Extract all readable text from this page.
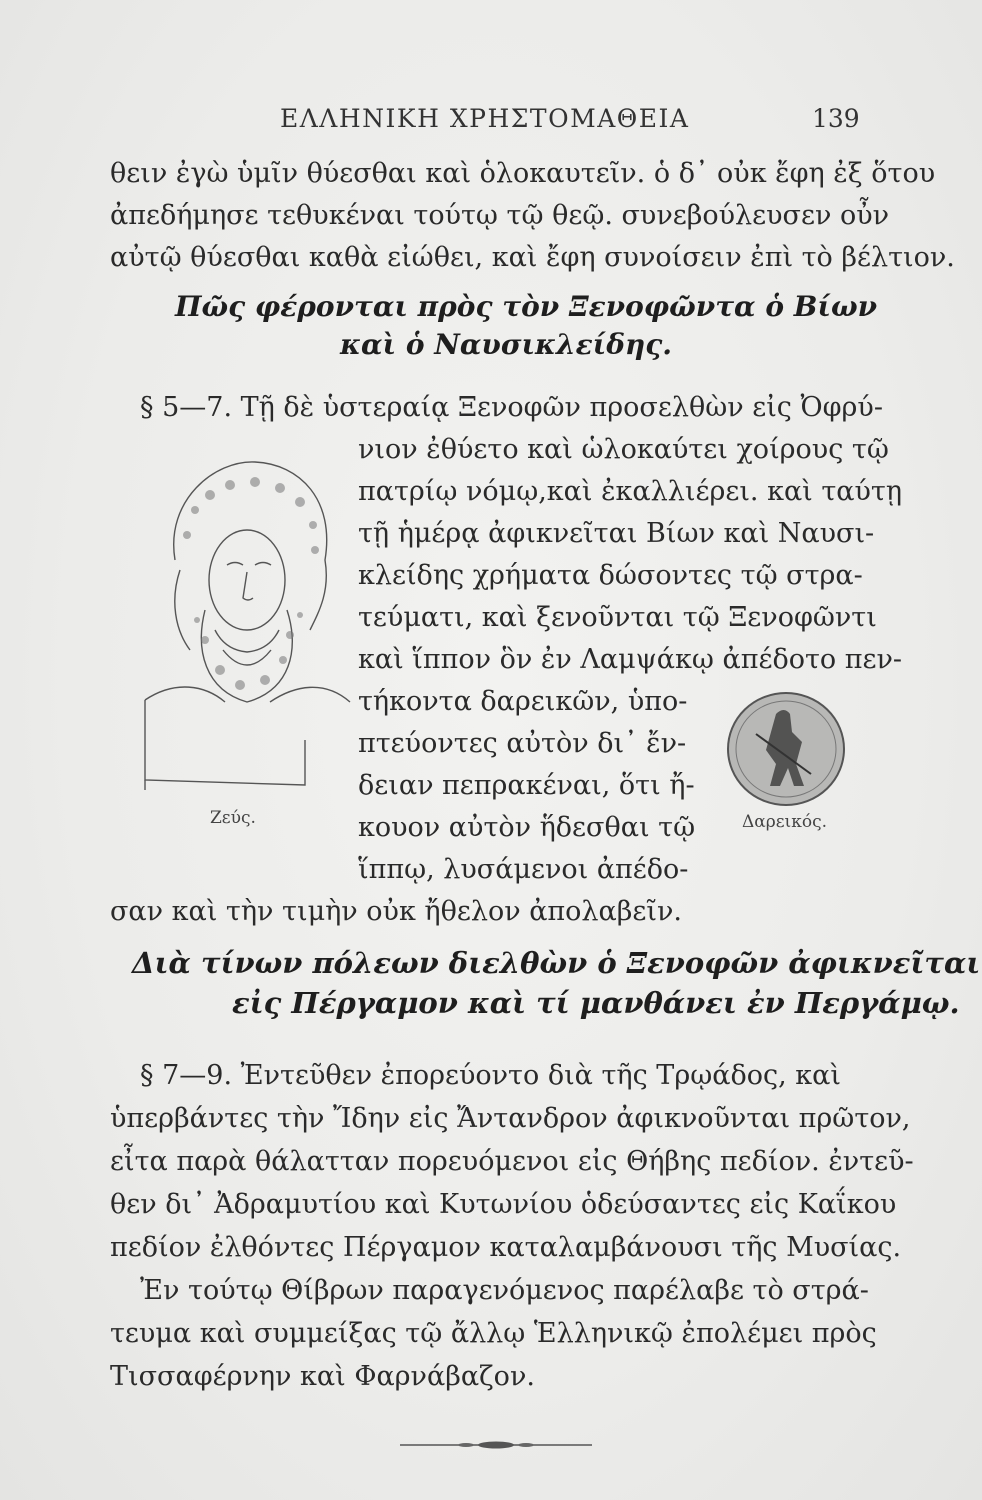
ΕΛΛΗΝΙΚΗ ΧΡΗΣΤΟΜΑΘΕΙΑ	139
θειν ἐγὼ ὑμῖν θύεσθαι καὶ ὁλοκαυτεῖν. ὁ δ᾿ οὐκ ἔφη ἐξ ὅτου
ἀπεδήμησε τεθυκέναι τούτῳ τῷ θεῷ. συνεβούλευσεν οὖν
αὐτῷ θύεσθαι καθὰ εἰώθει, καὶ ἔφη συνοίσειν ἐπὶ τὸ βέλτιον.
Πῶς φέρονται πρὸς τὸν Ξενοφῶντα ὁ Βίων
καὶ ὁ Ναυσικλείδης.
§ 5—7. Τῇ δὲ ὑστεραίᾳ Ξενοφῶν προσελθὼν εἰς Ὀφρύ-
νιον ἐθύετο καὶ ὡλοκαύτει χοίρους τῷ
πατρίῳ νόμῳ,καὶ ἐκαλλιέρει. καὶ ταύτῃ
τῇ ἡμέρᾳ ἀφικνεῖται Βίων καὶ Ναυσι-
κλείδης χρήματα δώσοντες τῷ στρα-
τεύματι, καὶ ξενοῦνται τῷ Ξενοφῶντι
καὶ ἵππον ὃν ἐν Λαμψάκῳ ἀπέδοτο πεν-
τήκοντα δαρεικῶν, ὑπο-
πτεύοντες αὐτὸν δι᾿ ἔν-
δειαν πεπρακέναι, ὅτι ἤ-
κουον αὐτὸν ἥδεσθαι τῷ
ἵππῳ, λυσάμενοι ἀπέδο-
σαν καὶ τὴν τιμὴν οὐκ ἤθελον ἀπολαβεῖν.
Ζεύς.	Δαρεικός.
Διὰ τίνων πόλεων διελθὼν ὁ Ξενοφῶν ἀφικνεῖται
εἰς Πέργαμον καὶ τί μανθάνει ἐν Περγάμῳ.
§ 7—9. Ἐντεῦθεν ἐπορεύοντο διὰ τῆς Τρῳάδος, καὶ
ὑπερβάντες τὴν Ἴδην εἰς Ἄντανδρον ἀφικνοῦνται πρῶτον,
εἶτα παρὰ θάλατταν πορευόμενοι εἰς Θήβης πεδίον. ἐντεῦ-
θεν δι᾿ Ἀδραμυτίου καὶ Κυτωνίου ὁδεύσαντες εἰς Καΐκου
πεδίον ἐλθόντες Πέργαμον καταλαμβάνουσι τῆς Μυσίας.
Ἐν τούτῳ Θίβρων παραγενόμενος παρέλαβε τὸ στρά-
τευμα καὶ συμμείξας τῷ ἄλλῳ Ἑλληνικῷ ἐπολέμει πρὸς
Τισσαφέρνην καὶ Φαρνάβαζον.
